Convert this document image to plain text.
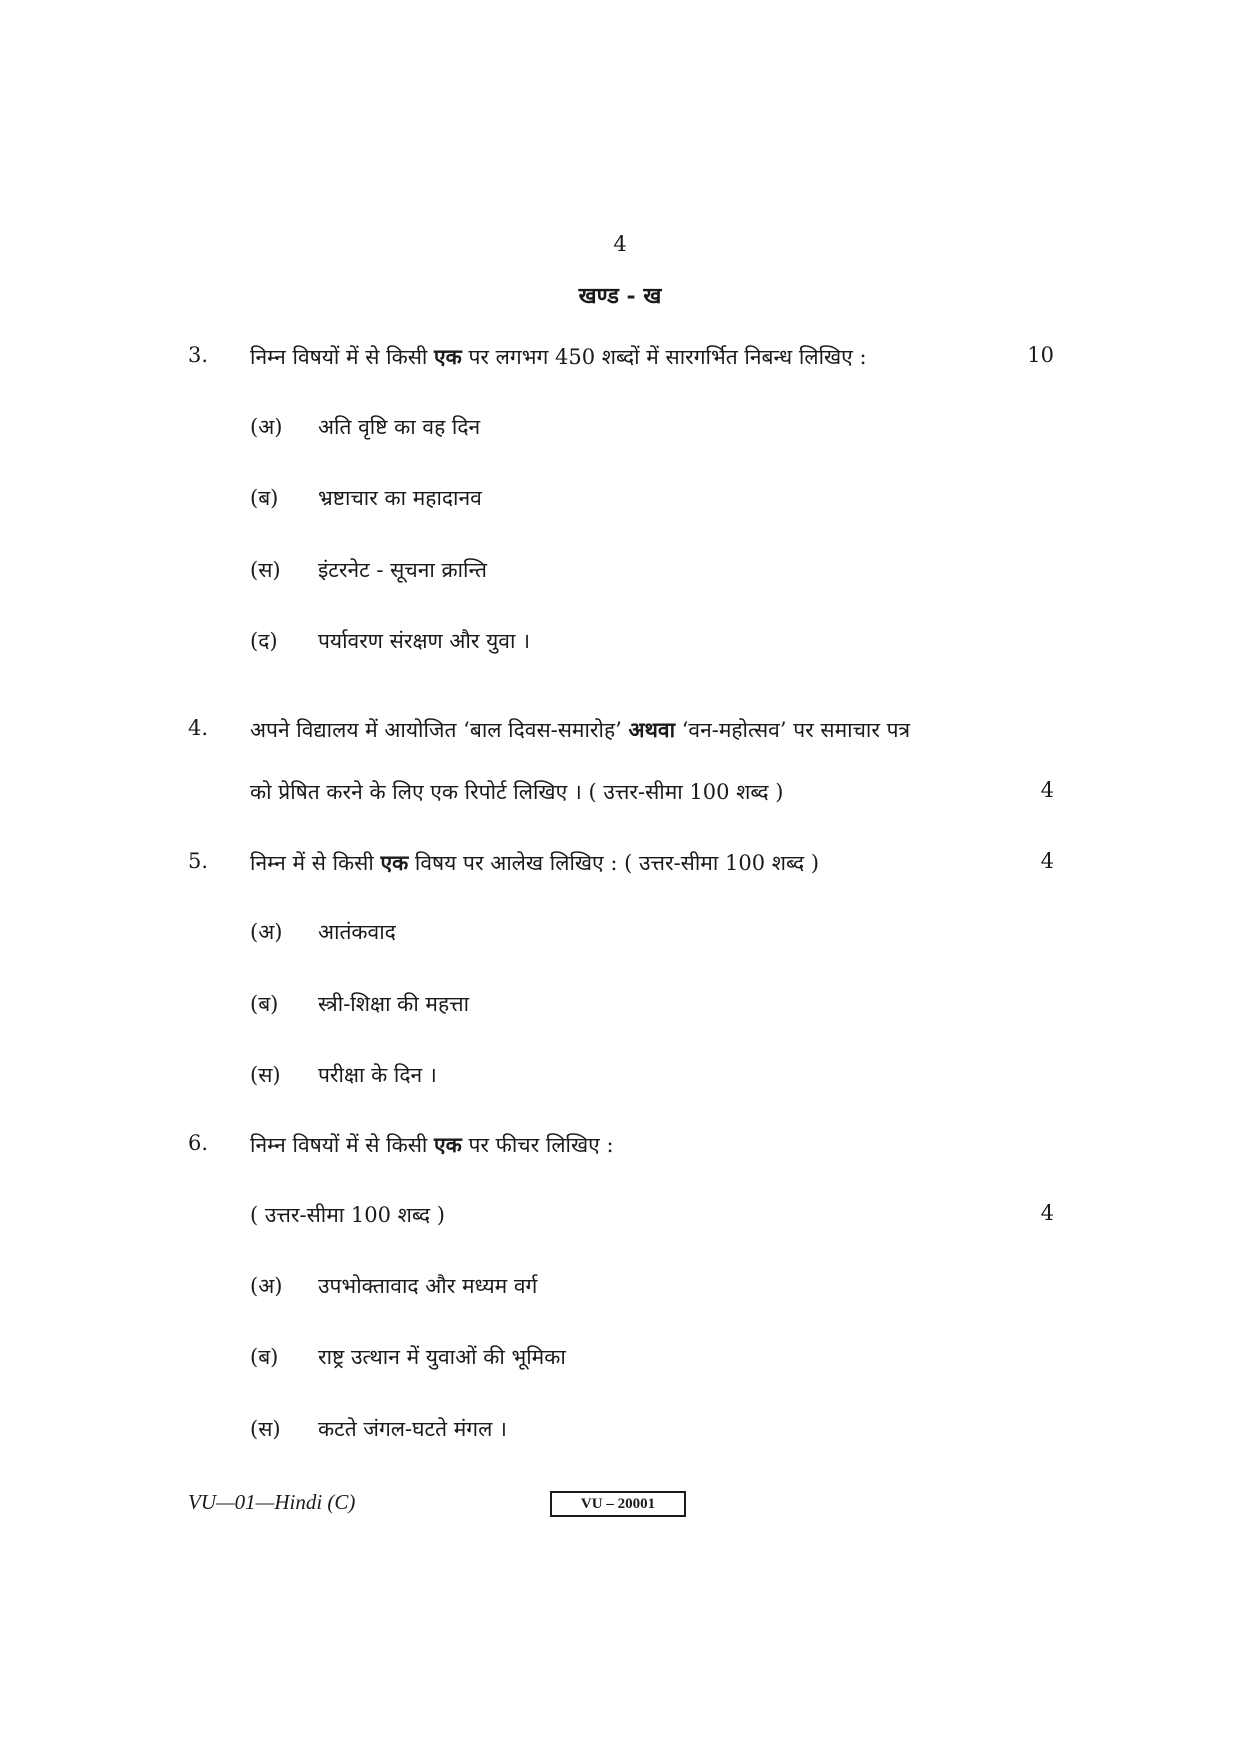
4
खण्ड - ख
3. निम्न विषयों में से किसी एक पर लगभग 450 शब्दों में सारगर्भित निबन्ध लिखिए :	10
(अ) अति वृष्टि का वह दिन
(ब) भ्रष्टाचार का महादानव
(स) इंटरनेट - सूचना क्रान्ति
(द) पर्यावरण संरक्षण और युवा ।
4. अपने विद्यालय में आयोजित ‘बाल दिवस-समारोह’ अथवा ‘वन-महोत्सव’ पर समाचार पत्र
को प्रेषित करने के लिए एक रिपोर्ट लिखिए । ( उत्तर-सीमा 100 शब्द )	4
5. निम्न में से किसी एक विषय पर आलेख लिखिए : ( उत्तर-सीमा 100 शब्द )	4
(अ) आतंकवाद
(ब) स्त्री-शिक्षा की महत्ता
(स) परीक्षा के दिन ।
6. निम्न विषयों में से किसी एक पर फीचर लिखिए :
( उत्तर-सीमा 100 शब्द )	4
(अ) उपभोक्तावाद और मध्यम वर्ग
(ब) राष्ट्र उत्थान में युवाओं की भूमिका
(स) कटते जंगल-घटते मंगल ।
VU—01—Hindi (C)	VU – 20001
